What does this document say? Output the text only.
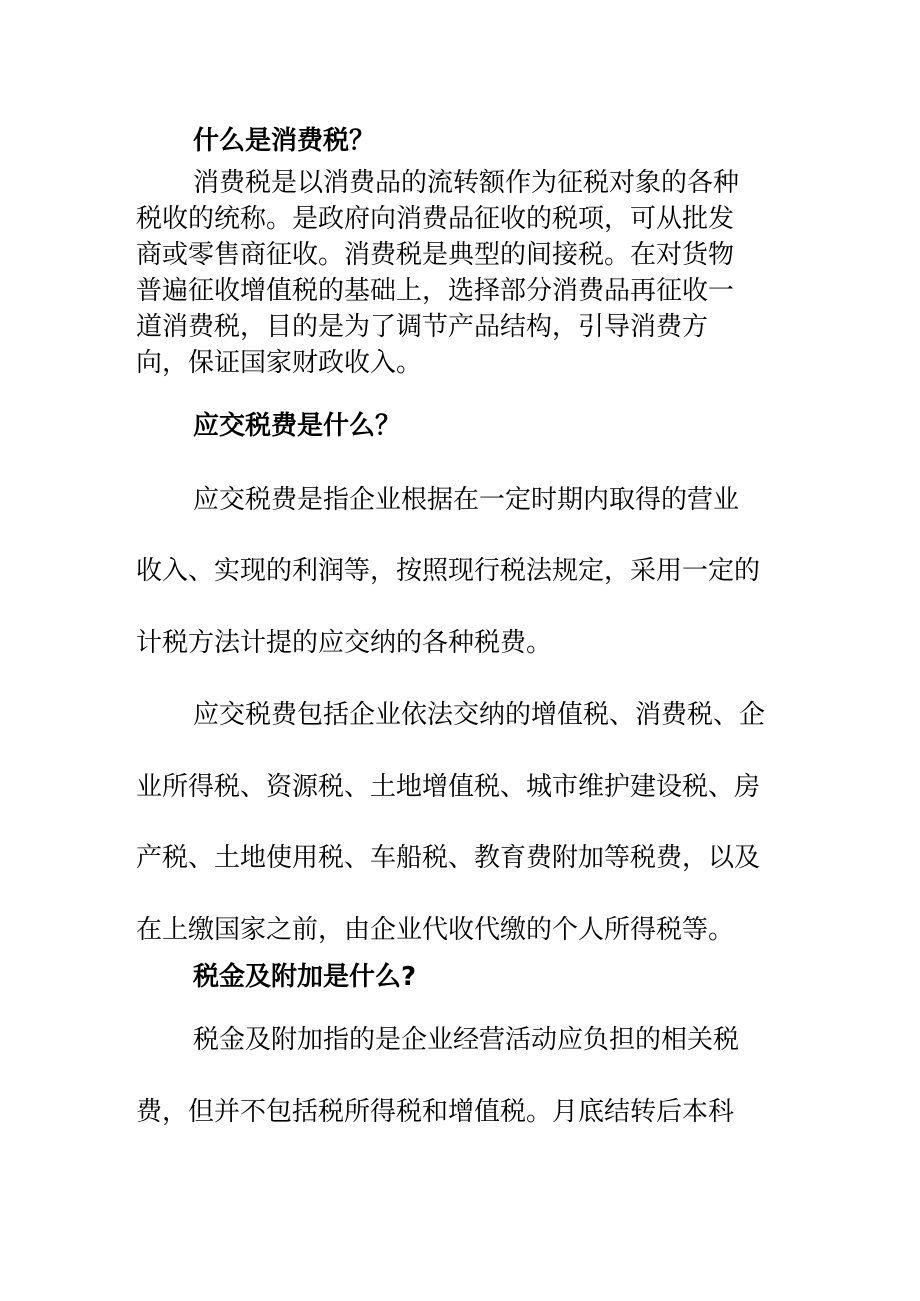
什么是消费税？
消费税是以消费品的流转额作为征税对象的各种
税收的统称。是政府向消费品征收的税项，可从批发
商或零售商征收。消费税是典型的间接税。在对货物
普遍征收增值税的基础上，选择部分消费品再征收一
道消费税，目的是为了调节产品结构，引导消费方
向，保证国家财政收入。
应交税费是什么？
应交税费是指企业根据在一定时期内取得的营业
收入、实现的利润等，按照现行税法规定，采用一定的
计税方法计提的应交纳的各种税费。
应交税费包括企业依法交纳的增值税、消费税、企
业所得税、资源税、土地增值税、城市维护建设税、房
产税、土地使用税、车船税、教育费附加等税费，以及
在上缴国家之前，由企业代收代缴的个人所得税等。
税金及附加是什么?
税金及附加指的是企业经营活动应负担的相关税
费，但并不包括税所得税和增值税。月底结转后本科
